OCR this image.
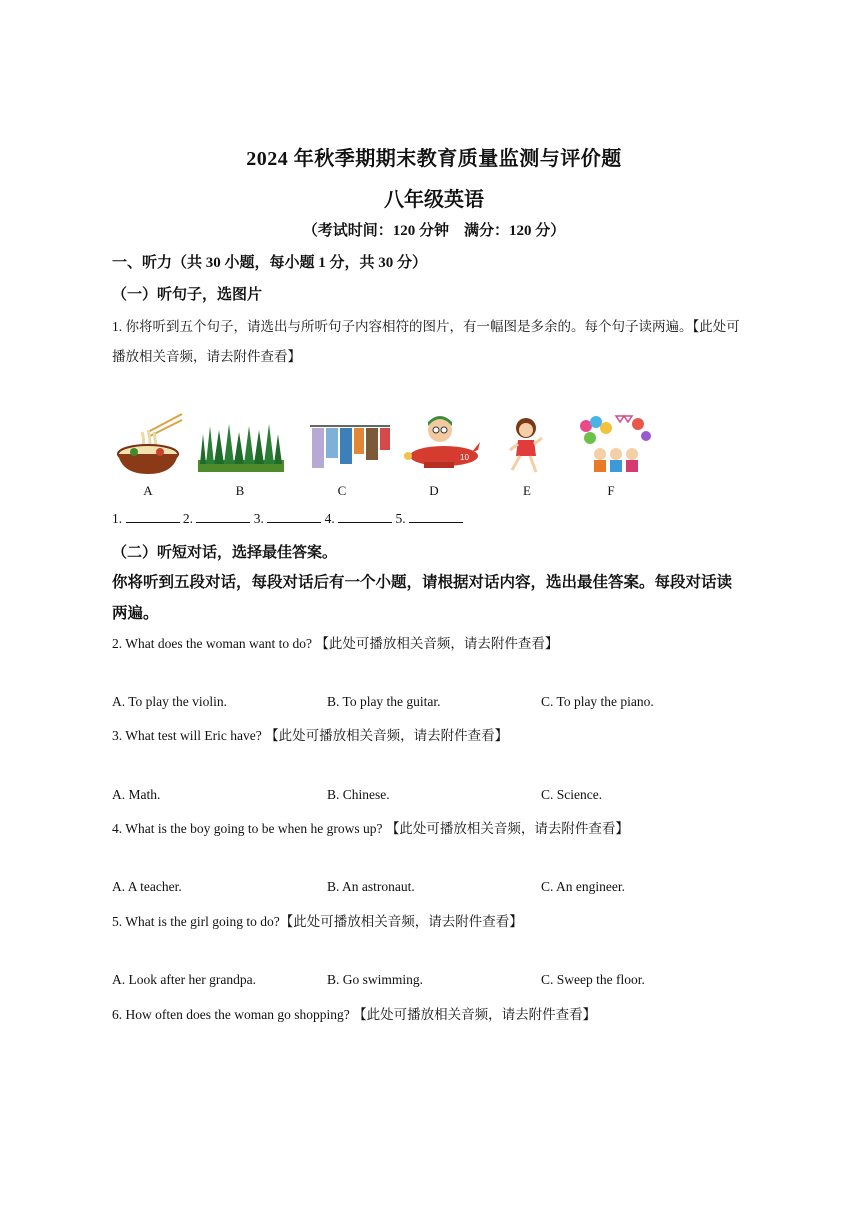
2024 年秋季期期末教育质量监测与评价题
八年级英语
（考试时间：120 分钟　满分：120 分）
一、听力（共 30 小题，每小题 1 分，共 30 分）
（一）听句子，选图片
1. 你将听到五个句子，请选出与所听句子内容相符的图片，有一幅图是多余的。每个句子读两遍。【此处可
播放相关音频，请去附件查看】
A	B	C
10
D	E	F
1.	2.	3.	4.	5.
（二）听短对话，选择最佳答案。
你将听到五段对话，每段对话后有一个小题，请根据对话内容，选出最佳答案。每段对话读
两遍。
2. What does the woman want to do? 【此处可播放相关音频，请去附件查看】
A. To play the violin.	B. To play the guitar.	C. To play the piano.
3. What test will Eric have? 【此处可播放相关音频，请去附件查看】
A. Math.	B. Chinese.	C. Science.
4. What is the boy going to be when he grows up? 【此处可播放相关音频，请去附件查看】
A. A teacher.	B. An astronaut.	C. An engineer.
5. What is the girl going to do?【此处可播放相关音频，请去附件查看】
A. Look after her grandpa.	B. Go swimming.	C. Sweep the floor.
6. How often does the woman go shopping? 【此处可播放相关音频，请去附件查看】
